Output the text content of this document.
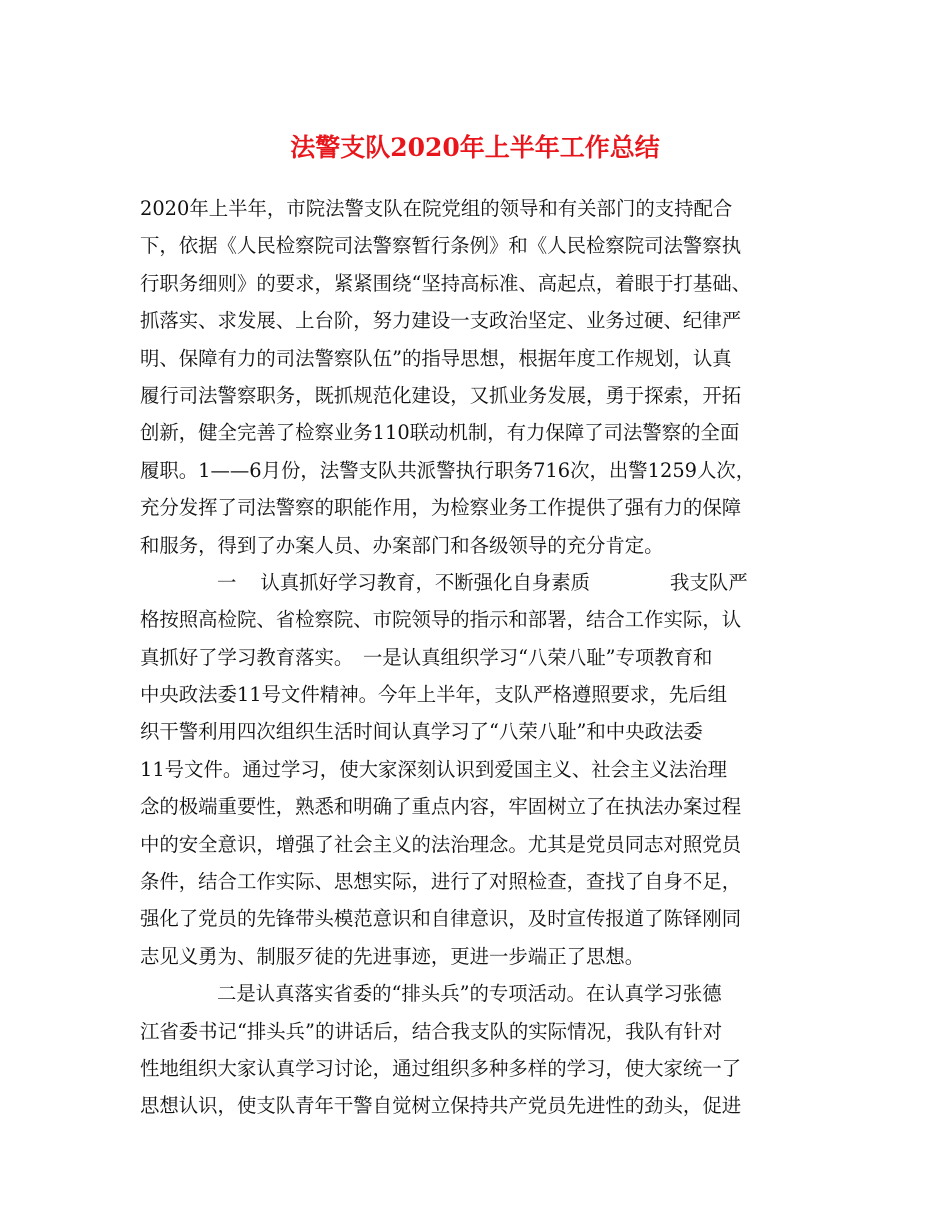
法警支队2020年上半年工作总结
2020年上半年，市院法警支队在院党组的领导和有关部门的支持配合
下，依据《人民检察院司法警察暂行条例》和《人民检察院司法警察执
行职务细则》的要求，紧紧围绕“坚持高标准、高起点，着眼于打基础、
抓落实、求发展、上台阶，努力建设一支政治坚定、业务过硬、纪律严
明、保障有力的司法警察队伍”的指导思想，根据年度工作规划，认真
履行司法警察职务，既抓规范化建设，又抓业务发展，勇于探索，开拓
创新，健全完善了检察业务110联动机制，有力保障了司法警察的全面
履职。1——6月份，法警支队共派警执行职务716次，出警1259人次，
充分发挥了司法警察的职能作用，为检察业务工作提供了强有力的保障
和服务，得到了办案人员、办案部门和各级领导的充分肯定。
一 认真抓好学习教育，不断强化自身素质	我支队严
格按照高检院、省检察院、市院领导的指示和部署，结合工作实际，认
真抓好了学习教育落实。　一是认真组织学习“八荣八耻”专项教育和
中央政法委11号文件精神。今年上半年，支队严格遵照要求，先后组
织干警利用四次组织生活时间认真学习了“八荣八耻”和中央政法委
11号文件。通过学习，使大家深刻认识到爱国主义、社会主义法治理
念的极端重要性，熟悉和明确了重点内容，牢固树立了在执法办案过程
中的安全意识，增强了社会主义的法治理念。尤其是党员同志对照党员
条件，结合工作实际、思想实际，进行了对照检查，查找了自身不足，
强化了党员的先锋带头模范意识和自律意识，及时宣传报道了陈铎刚同
志见义勇为、制服歹徒的先进事迹，更进一步端正了思想。
二是认真落实省委的“排头兵”的专项活动。在认真学习张德
江省委书记“排头兵”的讲话后，结合我支队的实际情况，我队有针对
性地组织大家认真学习讨论，通过组织多种多样的学习，使大家统一了
思想认识，使支队青年干警自觉树立保持共产党员先进性的劲头，促进
